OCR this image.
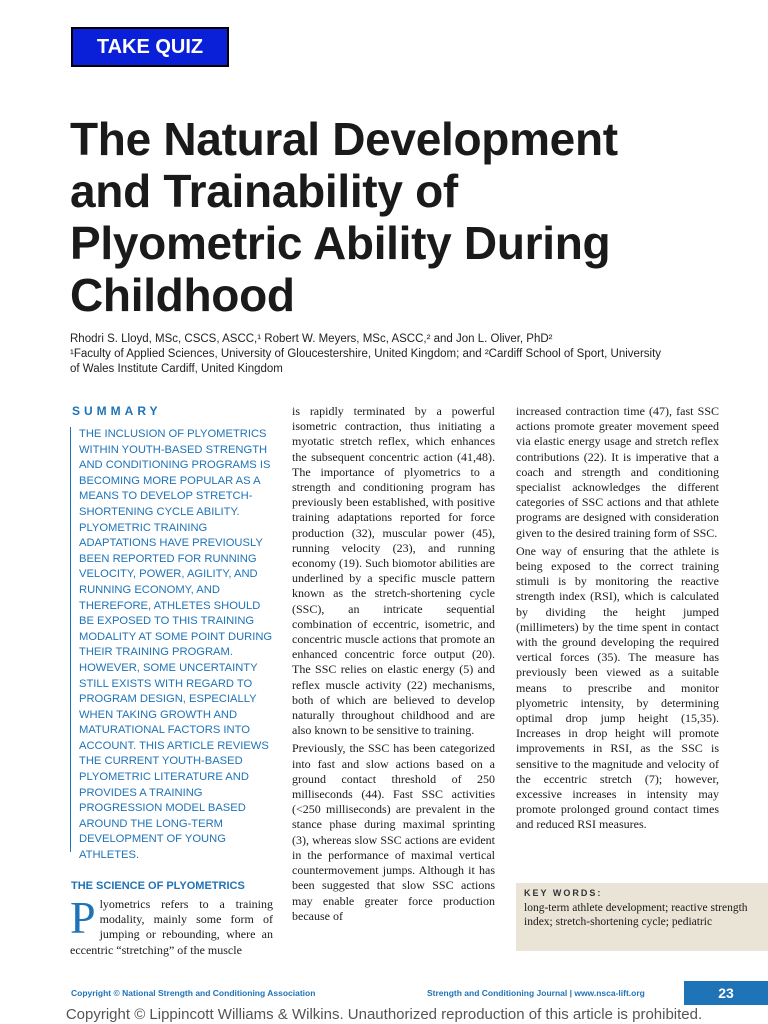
TAKE QUIZ
The Natural Development
and Trainability of
Plyometric Ability During
Childhood
Rhodri S. Lloyd, MSc, CSCS, ASCC,¹ Robert W. Meyers, MSc, ASCC,² and Jon L. Oliver, PhD²
¹Faculty of Applied Sciences, University of Gloucestershire, United Kingdom; and ²Cardiff School of Sport, University
of Wales Institute Cardiff, United Kingdom
SUMMARY
THE INCLUSION OF PLYOMETRICS WITHIN YOUTH-BASED STRENGTH AND CONDITIONING PROGRAMS IS BECOMING MORE POPULAR AS A MEANS TO DEVELOP STRETCH-SHORTENING CYCLE ABILITY. PLYOMETRIC TRAINING ADAPTATIONS HAVE PREVIOUSLY BEEN REPORTED FOR RUNNING VELOCITY, POWER, AGILITY, AND RUNNING ECONOMY, AND THEREFORE, ATHLETES SHOULD BE EXPOSED TO THIS TRAINING MODALITY AT SOME POINT DURING THEIR TRAINING PROGRAM. HOWEVER, SOME UNCERTAINTY STILL EXISTS WITH REGARD TO PROGRAM DESIGN, ESPECIALLY WHEN TAKING GROWTH AND MATURATIONAL FACTORS INTO ACCOUNT. THIS ARTICLE REVIEWS THE CURRENT YOUTH-BASED PLYOMETRIC LITERATURE AND PROVIDES A TRAINING PROGRESSION MODEL BASED AROUND THE LONG-TERM DEVELOPMENT OF YOUNG ATHLETES.
THE SCIENCE OF PLYOMETRICS
Plyometrics refers to a training modality, mainly some form of jumping or rebounding, where an eccentric “stretching” of the muscle

is rapidly terminated by a powerful isometric contraction, thus initiating a myotatic stretch reflex, which enhances the subsequent concentric action (41,48). The importance of plyometrics to a strength and conditioning program has previously been established, with positive training adaptations reported for force production (32), muscular power (45), running velocity (23), and running economy (19). Such biomotor abilities are underlined by a specific muscle pattern known as the stretch-shortening cycle (SSC), an intricate sequential combination of eccentric, isometric, and concentric muscle actions that promote an enhanced concentric force output (20). The SSC relies on elastic energy (5) and reflex muscle activity (22) mechanisms, both of which are believed to develop naturally throughout childhood and are also known to be sensitive to training.

Previously, the SSC has been categorized into fast and slow actions based on a ground contact threshold of 250 milliseconds (44). Fast SSC activities (<250 milliseconds) are prevalent in the stance phase during maximal sprinting (3), whereas slow SSC actions are evident in the performance of maximal vertical countermovement jumps. Although it has been suggested that slow SSC actions may enable greater force production because of

increased contraction time (47), fast SSC actions promote greater movement speed via elastic energy usage and stretch reflex contributions (22). It is imperative that a coach and strength and conditioning specialist acknowledges the different categories of SSC actions and that athlete programs are designed with consideration given to the desired training form of SSC.

One way of ensuring that the athlete is being exposed to the correct training stimuli is by monitoring the reactive strength index (RSI), which is calculated by dividing the height jumped (millimeters) by the time spent in contact with the ground developing the required vertical forces (35). The measure has previously been viewed as a suitable means to prescribe and monitor plyometric intensity, by determining optimal drop jump height (15,35). Increases in drop height will promote improvements in RSI, as the SSC is sensitive to the magnitude and velocity of the eccentric stretch (7); however, excessive increases in intensity may promote prolonged ground contact times and reduced RSI measures.

KEY WORDS:
long-term athlete development; reactive strength index; stretch-shortening cycle; pediatric
Copyright © National Strength and Conditioning Association	Strength and Conditioning Journal | www.nsca-lift.org	23
Copyright © Lippincott Williams & Wilkins. Unauthorized reproduction of this article is prohibited.
